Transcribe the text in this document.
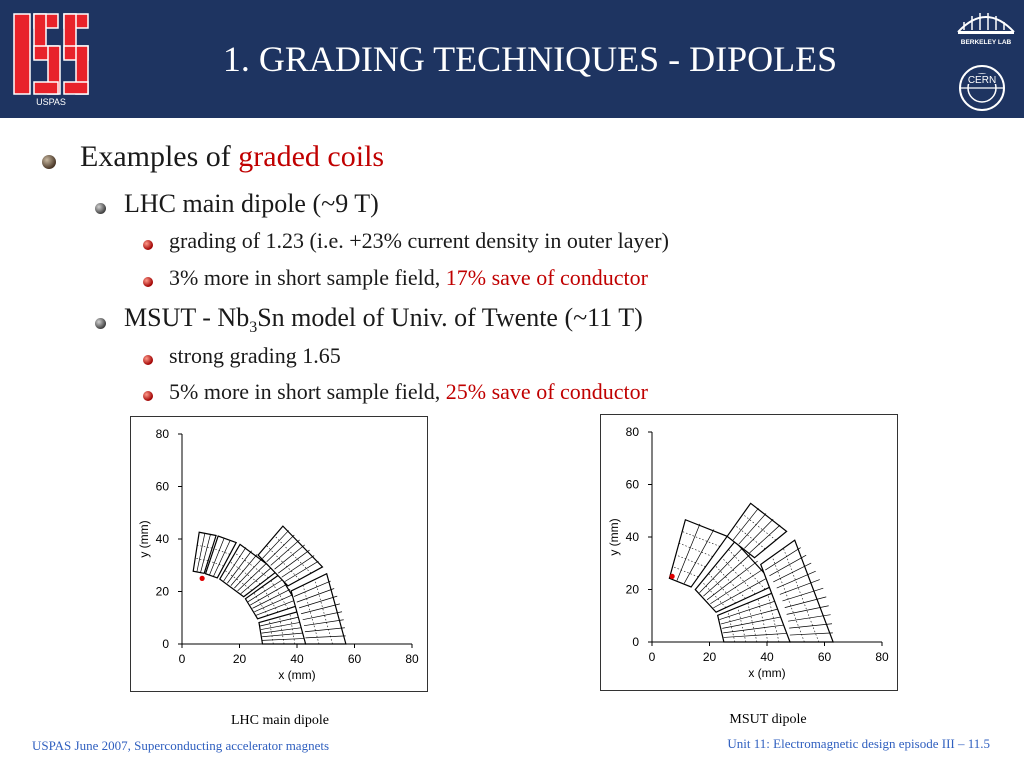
USPAS
1. GRADING TECHNIQUES - DIPOLES	BERKELEY LAB
CERN
Examples of graded coils
LHC main dipole (~9 T)
grading of 1.23 (i.e. +23% current density in outer layer)
3% more in short sample field, 17% save of conductor
MSUT - $Nb_3Sn$ model of Univ. of Twente (~11 T)
strong grading 1.65
5% more in short sample field, 25% save of conductor
0	20	40	60	80
0
20
40
60
80
x (mm)
y (mm)
0	20	40	60	80
0
20
40
60
80
x (mm)
y (mm)
LHC main dipole	MSUT dipole
USPAS June 2007, Superconducting accelerator magnets	Unit 11: Electromagnetic design episode III – 11.5
